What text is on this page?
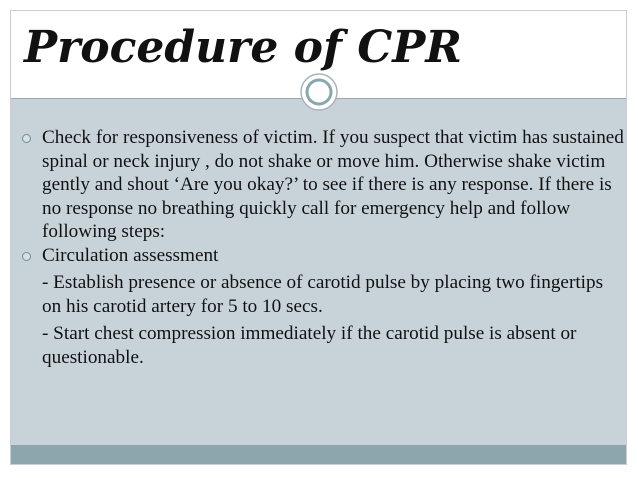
Procedure of CPR

Check for responsiveness of victim. If you suspect that victim has sustained spinal or neck injury , do not shake or move him. Otherwise shake victim gently and shout ‘Are you okay?’ to see if there is any response. If there is no response no breathing quickly call for emergency help and follow following steps:

Circulation assessment

- Establish presence or absence of carotid pulse by placing two fingertips on his carotid artery for 5 to 10 secs.

- Start chest compression immediately if the carotid pulse is absent or questionable.
